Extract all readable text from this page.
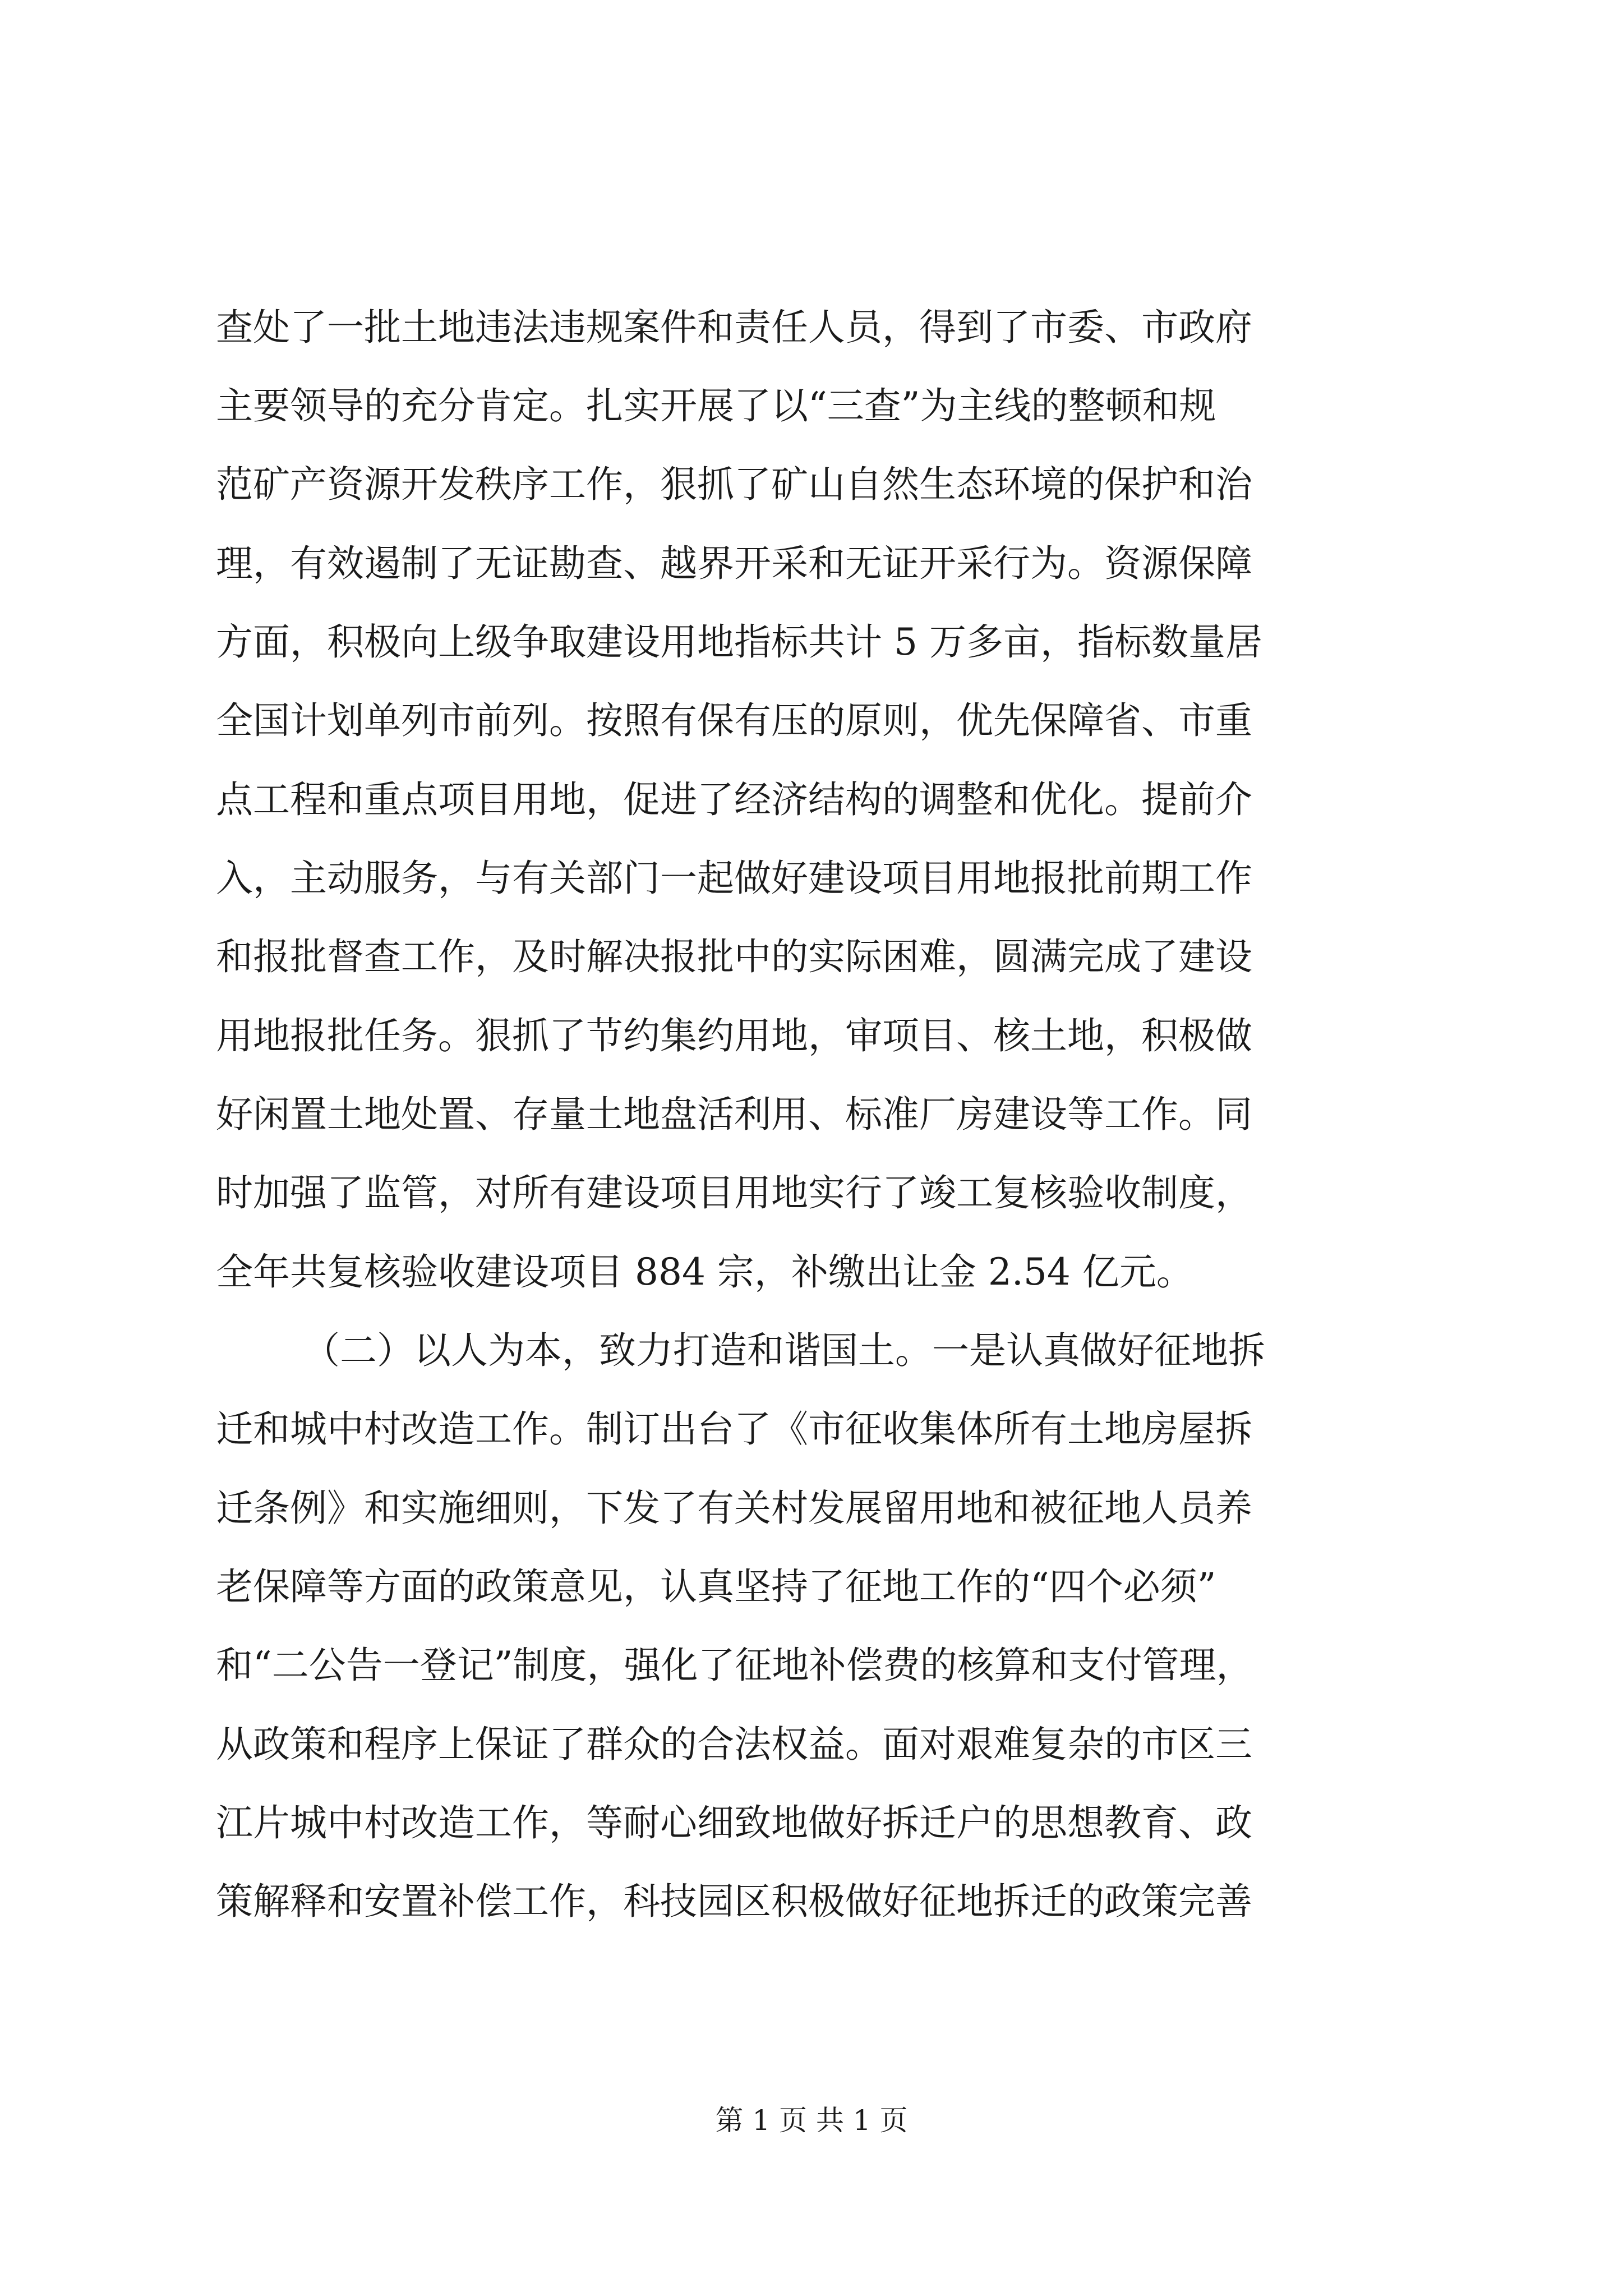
查处了一批土地违法违规案件和责任人员，得到了市委、市政府
主要领导的充分肯定。扎实开展了以“三查”为主线的整顿和规
范矿产资源开发秩序工作，狠抓了矿山自然生态环境的保护和治
理，有效遏制了无证勘查、越界开采和无证开采行为。资源保障
方面，积极向上级争取建设用地指标共计 5 万多亩，指标数量居
全国计划单列市前列。按照有保有压的原则，优先保障省、市重
点工程和重点项目用地，促进了经济结构的调整和优化。提前介
入，主动服务，与有关部门一起做好建设项目用地报批前期工作
和报批督查工作，及时解决报批中的实际困难，圆满完成了建设
用地报批任务。狠抓了节约集约用地，审项目、核土地，积极做
好闲置土地处置、存量土地盘活利用、标准厂房建设等工作。同
时加强了监管，对所有建设项目用地实行了竣工复核验收制度，
全年共复核验收建设项目 884 宗，补缴出让金 2.54 亿元。
（二）以人为本，致力打造和谐国土。一是认真做好征地拆
迁和城中村改造工作。制订出台了《市征收集体所有土地房屋拆
迁条例》和实施细则，下发了有关村发展留用地和被征地人员养
老保障等方面的政策意见，认真坚持了征地工作的“四个必须”
和“二公告一登记”制度，强化了征地补偿费的核算和支付管理，
从政策和程序上保证了群众的合法权益。面对艰难复杂的市区三
江片城中村改造工作，等耐心细致地做好拆迁户的思想教育、政
策解释和安置补偿工作，科技园区积极做好征地拆迁的政策完善
第 1 页 共 1 页
